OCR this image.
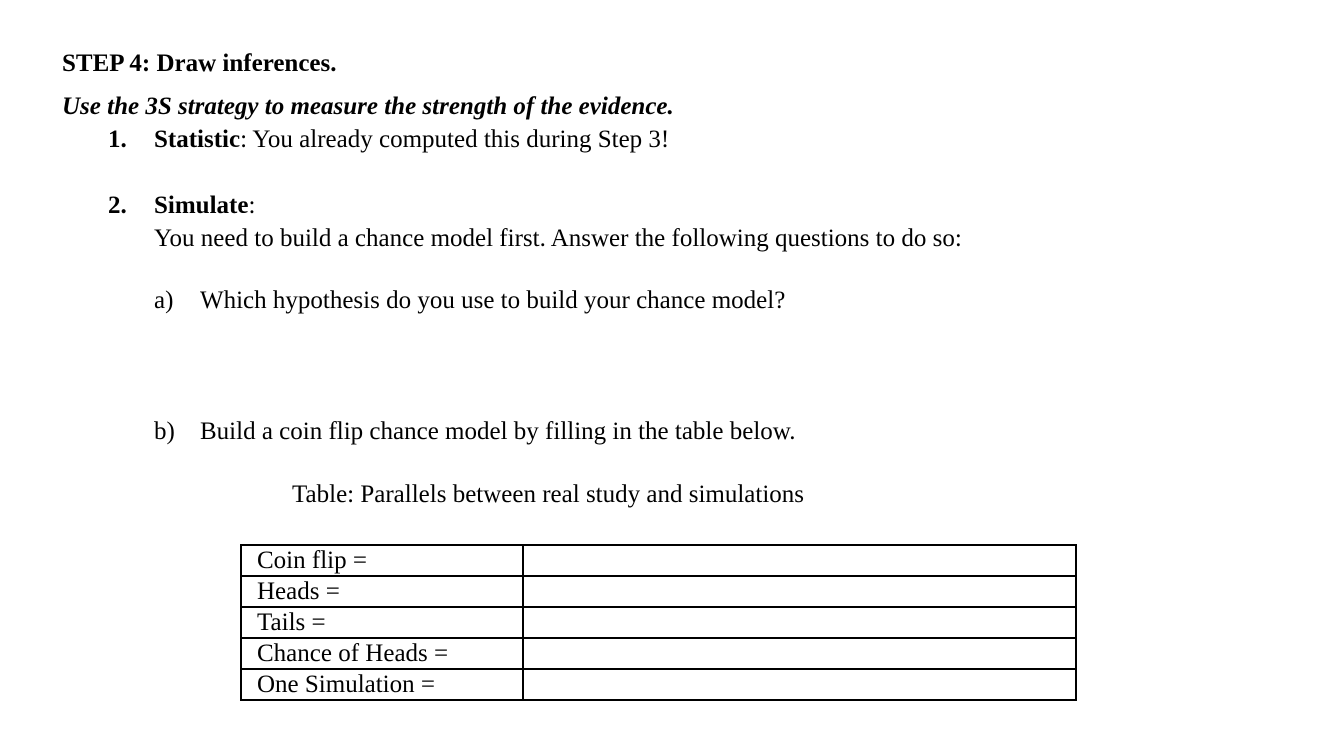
STEP 4: Draw inferences.
Use the 3S strategy to measure the strength of the evidence.
1. Statistic: You already computed this during Step 3!
2. Simulate:
You need to build a chance model first. Answer the following questions to do so:
a) Which hypothesis do you use to build your chance model?
b) Build a coin flip chance model by filling in the table below.
Table: Parallels between real study and simulations
Coin flip =	
Heads =	
Tails =	
Chance of Heads =	
One Simulation =	
